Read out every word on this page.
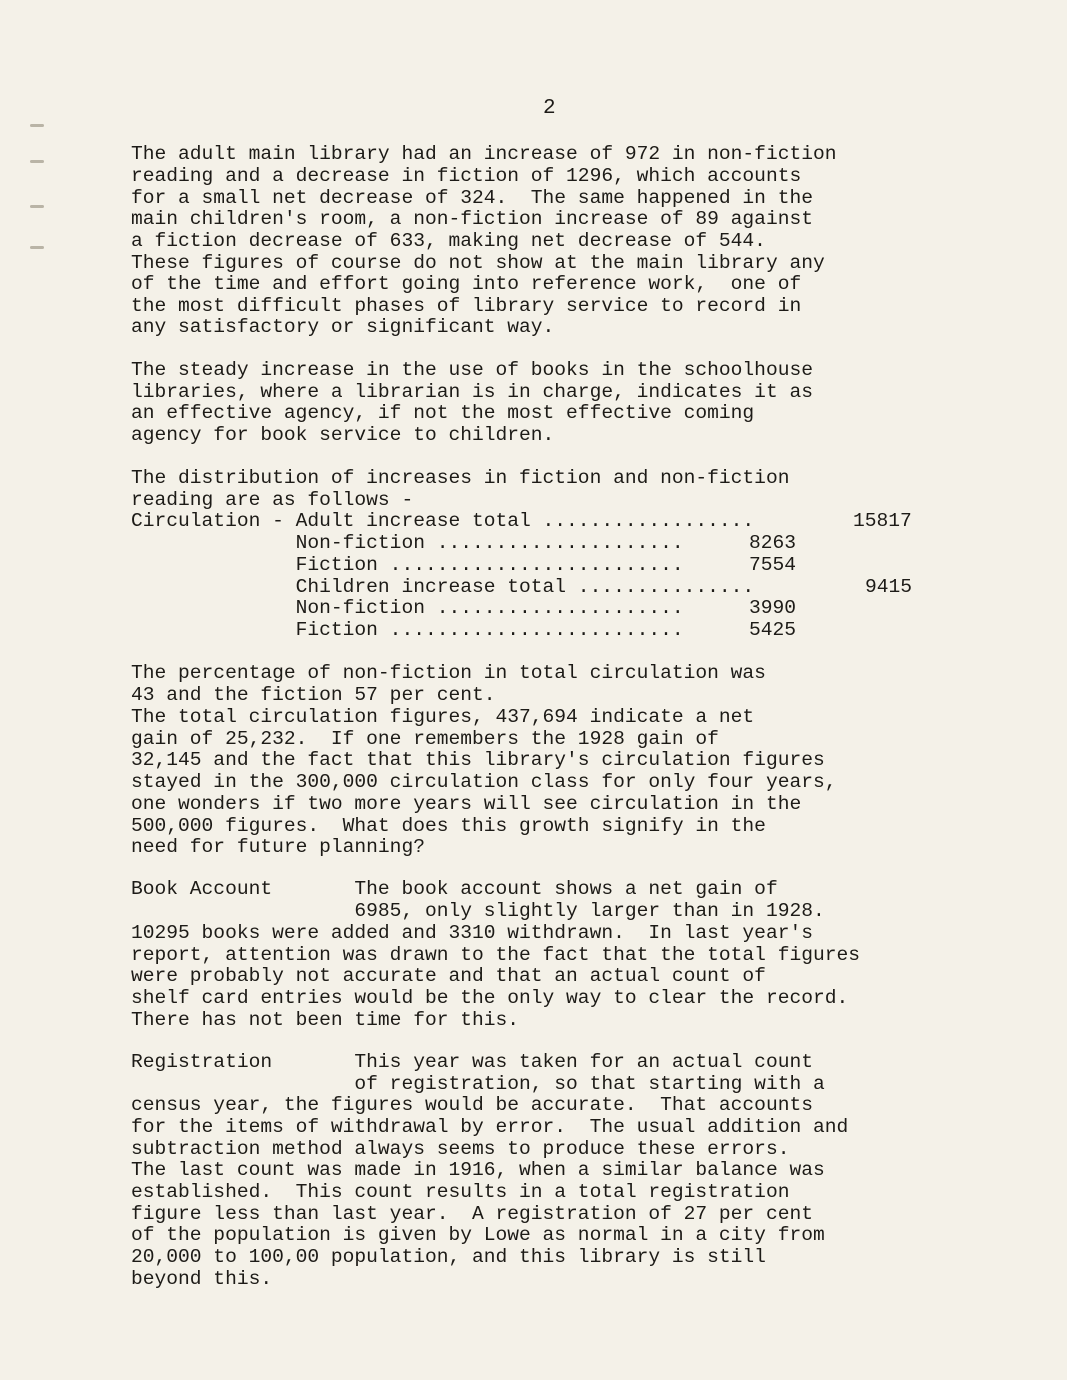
2
The adult main library had an increase of 972 in non-fiction
reading and a decrease in fiction of 1296, which accounts
for a small net decrease of 324.  The same happened in the
main children's room, a non-fiction increase of 89 against
a fiction decrease of 633, making net decrease of 544.
These figures of course do not show at the main library any
of the time and effort going into reference work,  one of
the most difficult phases of library service to record in
any satisfactory or significant way.
The steady increase in the use of books in the schoolhouse
libraries, where a librarian is in charge, indicates it as
an effective agency, if not the most effective coming
agency for book service to children.
The distribution of increases in fiction and non-fiction
reading are as follows -
Circulation - Adult increase total ..................	15817
Non-fiction .....................	8263
Fiction .........................	7554
Children increase total ...............	9415
Non-fiction .....................	3990
Fiction .........................	5425
The percentage of non-fiction in total circulation was
43 and the fiction 57 per cent.
The total circulation figures, 437,694 indicate a net
gain of 25,232.  If one remembers the 1928 gain of
32,145 and the fact that this library's circulation figures
stayed in the 300,000 circulation class for only four years,
one wonders if two more years will see circulation in the
500,000 figures.  What does this growth signify in the
need for future planning?
Book Account       The book account shows a net gain of
6985, only slightly larger than in 1928.
10295 books were added and 3310 withdrawn.  In last year's
report, attention was drawn to the fact that the total figures
were probably not accurate and that an actual count of
shelf card entries would be the only way to clear the record.
There has not been time for this.
Registration       This year was taken for an actual count
of registration, so that starting with a
census year, the figures would be accurate.  That accounts
for the items of withdrawal by error.  The usual addition and
subtraction method always seems to produce these errors.
The last count was made in 1916, when a similar balance was
established.  This count results in a total registration
figure less than last year.  A registration of 27 per cent
of the population is given by Lowe as normal in a city from
20,000 to 100,00 population, and this library is still
beyond this.
